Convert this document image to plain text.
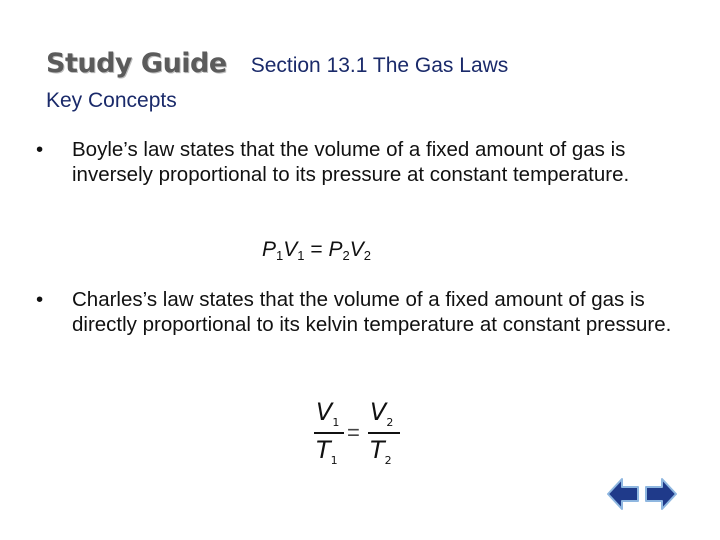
Study Guide Section 13.1 The Gas Laws
Key Concepts
• Boyle’s law states that the volume of a fixed amount of gas is inversely proportional to its pressure at constant temperature.
$P_1V_1 = P_2V_2$
• Charles’s law states that the volume of a fixed amount of gas is directly proportional to its kelvin temperature at constant pressure.
$V_1$
$T_1$
=
$V_2$
$T_2$
